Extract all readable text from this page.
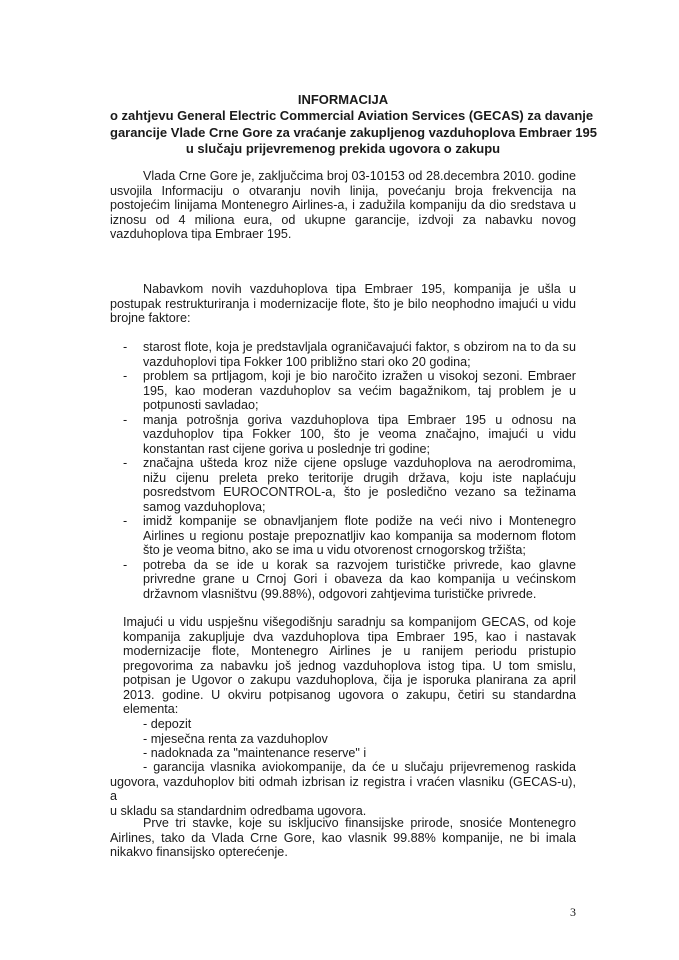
INFORMACIJA
o zahtjevu General Electric Commercial Aviation Services (GECAS) za davanje
garancije Vlade Crne Gore za vraćanje zakupljenog vazduhoplova Embraer 195
u slučaju prijevremenog prekida ugovora o zakupu
Vlada Crne Gore je, zaključcima broj 03-10153 od 28.decembra 2010. godine
usvojila Informaciju o otvaranju novih linija, povećanju broja frekvencija na
postojećim linijama Montenegro Airlines-a, i zadužila kompaniju da dio sredstava u
iznosu od 4 miliona eura, od ukupne garancije, izdvoji za nabavku novog
vazduhoplova tipa Embraer 195.
Nabavkom novih vazduhoplova tipa Embraer 195, kompanija je ušla u
postupak restrukturiranja i modernizacije flote, što je bilo neophodno imajući u vidu
brojne faktore:
- starost flote, koja je predstavljala ograničavajući faktor, s obzirom na to da su
vazduhoplovi tipa Fokker 100 približno stari oko 20 godina;
- problem sa prtljagom, koji je bio naročito izražen u visokoj sezoni. Embraer
195, kao moderan vazduhoplov sa većim bagažnikom, taj problem je u
potpunosti savladao;
- manja potrošnja goriva vazduhoplova tipa Embraer 195 u odnosu na
vazduhoplov tipa Fokker 100, što je veoma značajno, imajući u vidu
konstantan rast cijene goriva u poslednje tri godine;
- značajna ušteda kroz niže cijene opsluge vazduhoplova na aerodromima,
nižu cijenu preleta preko teritorije drugih država, koju iste naplaćuju
posredstvom EUROCONTROL-a, što je posledično vezano sa težinama
samog vazduhoplova;
- imidž kompanije se obnavljanjem flote podiže na veći nivo i Montenegro
Airlines u regionu postaje prepoznatljiv kao kompanija sa modernom flotom
što je veoma bitno, ako se ima u vidu otvorenost crnogorskog tržišta;
- potreba da se ide u korak sa razvojem turističke privrede, kao glavne
privredne grane u Crnoj Gori i obaveza da kao kompanija u većinskom
državnom vlasništvu (99.88%), odgovori zahtjevima turističke privrede.
Imajući u vidu uspješnu višegodišnju saradnju sa kompanijom GECAS, od koje
kompanija zakupljuje dva vazduhoplova tipa Embraer 195, kao i nastavak
modernizacije flote, Montenegro Airlines je u ranijem periodu pristupio
pregovorima za nabavku još jednog vazduhoplova istog tipa. U tom smislu,
potpisan je Ugovor o zakupu vazduhoplova, čija je isporuka planirana za april
2013. godine. U okviru potpisanog ugovora o zakupu, četiri su standardna
elementa:
- depozit
- mjesečna renta za vazduhoplov
- nadoknada za "maintenance reserve" i
- garancija vlasnika aviokompanije, da će u slučaju prijevremenog raskida
ugovora, vazduhoplov biti odmah izbrisan iz registra i vraćen vlasniku (GECAS-u), a
u skladu sa standardnim odredbama ugovora.
Prve tri stavke, koje su iskljucivo finansijske prirode, snosiće Montenegro
Airlines, tako da Vlada Crne Gore, kao vlasnik 99.88% kompanije, ne bi imala
nikakvo finansijsko opterećenje.
3
